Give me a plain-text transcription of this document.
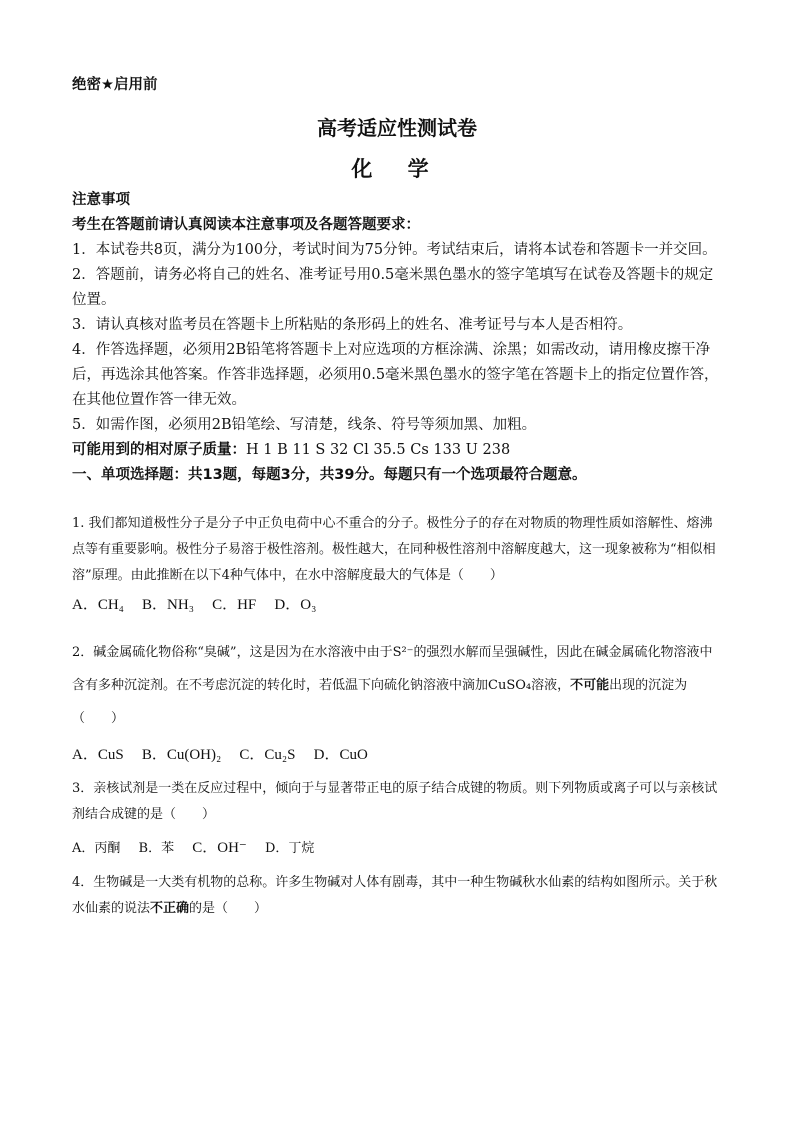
绝密★启用前
高考适应性测试卷
化 学
注意事项
考生在答题前请认真阅读本注意事项及各题答题要求：
1．本试卷共8页，满分为100分，考试时间为75分钟。考试结束后，请将本试卷和答题卡一并交回。
2．答题前，请务必将自己的姓名、准考证号用0.5毫米黑色墨水的签字笔填写在试卷及答题卡的规定位置。
3．请认真核对监考员在答题卡上所粘贴的条形码上的姓名、准考证号与本人是否相符。
4．作答选择题，必须用2B铅笔将答题卡上对应选项的方框涂满、涂黑；如需改动，请用橡皮擦干净后，再选涂其他答案。作答非选择题，必须用0.5毫米黑色墨水的签字笔在答题卡上的指定位置作答，在其他位置作答一律无效。
5．如需作图，必须用2B铅笔绘、写清楚，线条、符号等须加黑、加粗。
可能用到的相对原子质量：H 1 B 11 S 32 Cl 35.5 Cs 133 U 238
一、单项选择题：共13题，每题3分，共39分。每题只有一个选项最符合题意。
1. 我们都知道极性分子是分子中正负电荷中心不重合的分子。极性分子的存在对物质的物理性质如溶解性、熔沸点等有重要影响。极性分子易溶于极性溶剂。极性越大，在同种极性溶剂中溶解度越大，这一现象被称为“相似相溶”原理。由此推断在以下4种气体中，在水中溶解度最大的气体是（　　）
A．CH₄ B．NH₃ C．HF D．O₃
2．碱金属硫化物俗称“臭碱”，这是因为在水溶液中由于S²⁻的强烈水解而呈强碱性，因此在碱金属硫化物溶液中含有多种沉淀剂。在不考虑沉淀的转化时，若低温下向硫化钠溶液中滴加CuSO₄溶液，不可能出现的沉淀为（　　）
A．CuS B．Cu(OH)₂ C．Cu₂S D．CuO
3．亲核试剂是一类在反应过程中，倾向于与显著带正电的原子结合成键的物质。则下列物质或离子可以与亲核试剂结合成键的是（　　）
A．丙酮 B．苯 C．OH⁻ D．丁烷
4．生物碱是一大类有机物的总称。许多生物碱对人体有剧毒，其中一种生物碱秋水仙素的结构如图所示。关于秋水仙素的说法不正确的是（　　）
